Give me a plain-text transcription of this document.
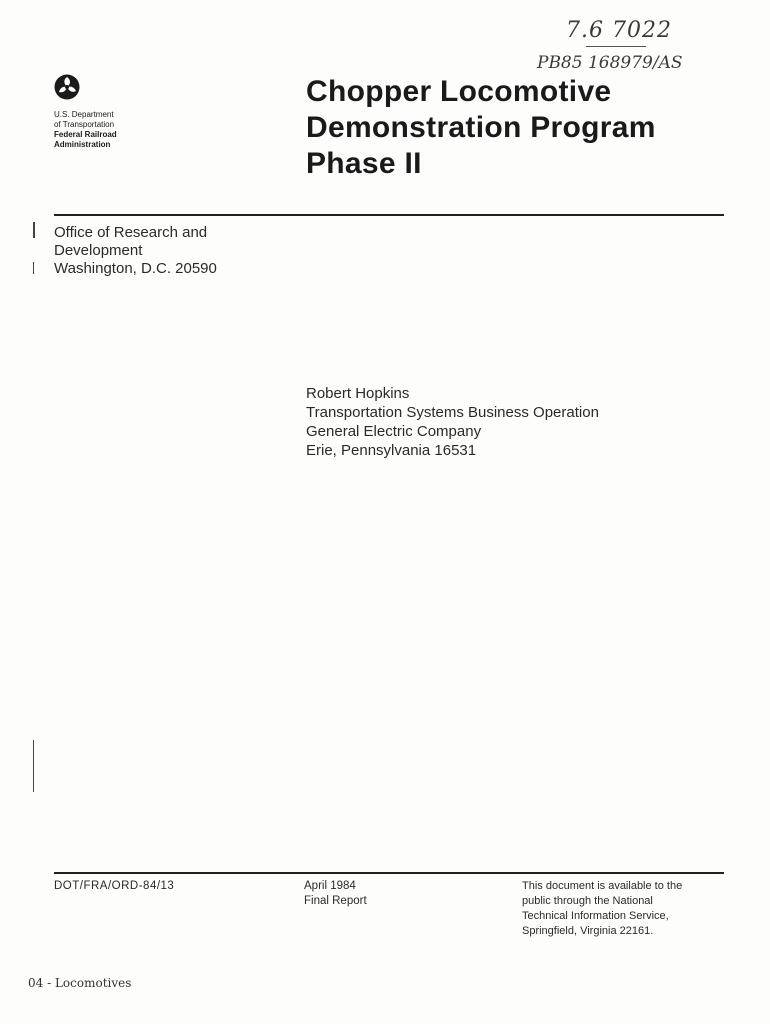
7.6 7022
PB85 168979/AS
U.S. Department
of Transportation
Federal Railroad
Administration
Chopper Locomotive
Demonstration Program
Phase II
Office of Research and
Development
Washington, D.C. 20590
Robert Hopkins
Transportation Systems Business Operation
General Electric Company
Erie, Pennsylvania 16531
DOT/FRA/ORD-84/13	April 1984
Final Report
This document is available to the
public through the National
Technical Information Service,
Springfield, Virginia 22161.
04 - Locomotives
